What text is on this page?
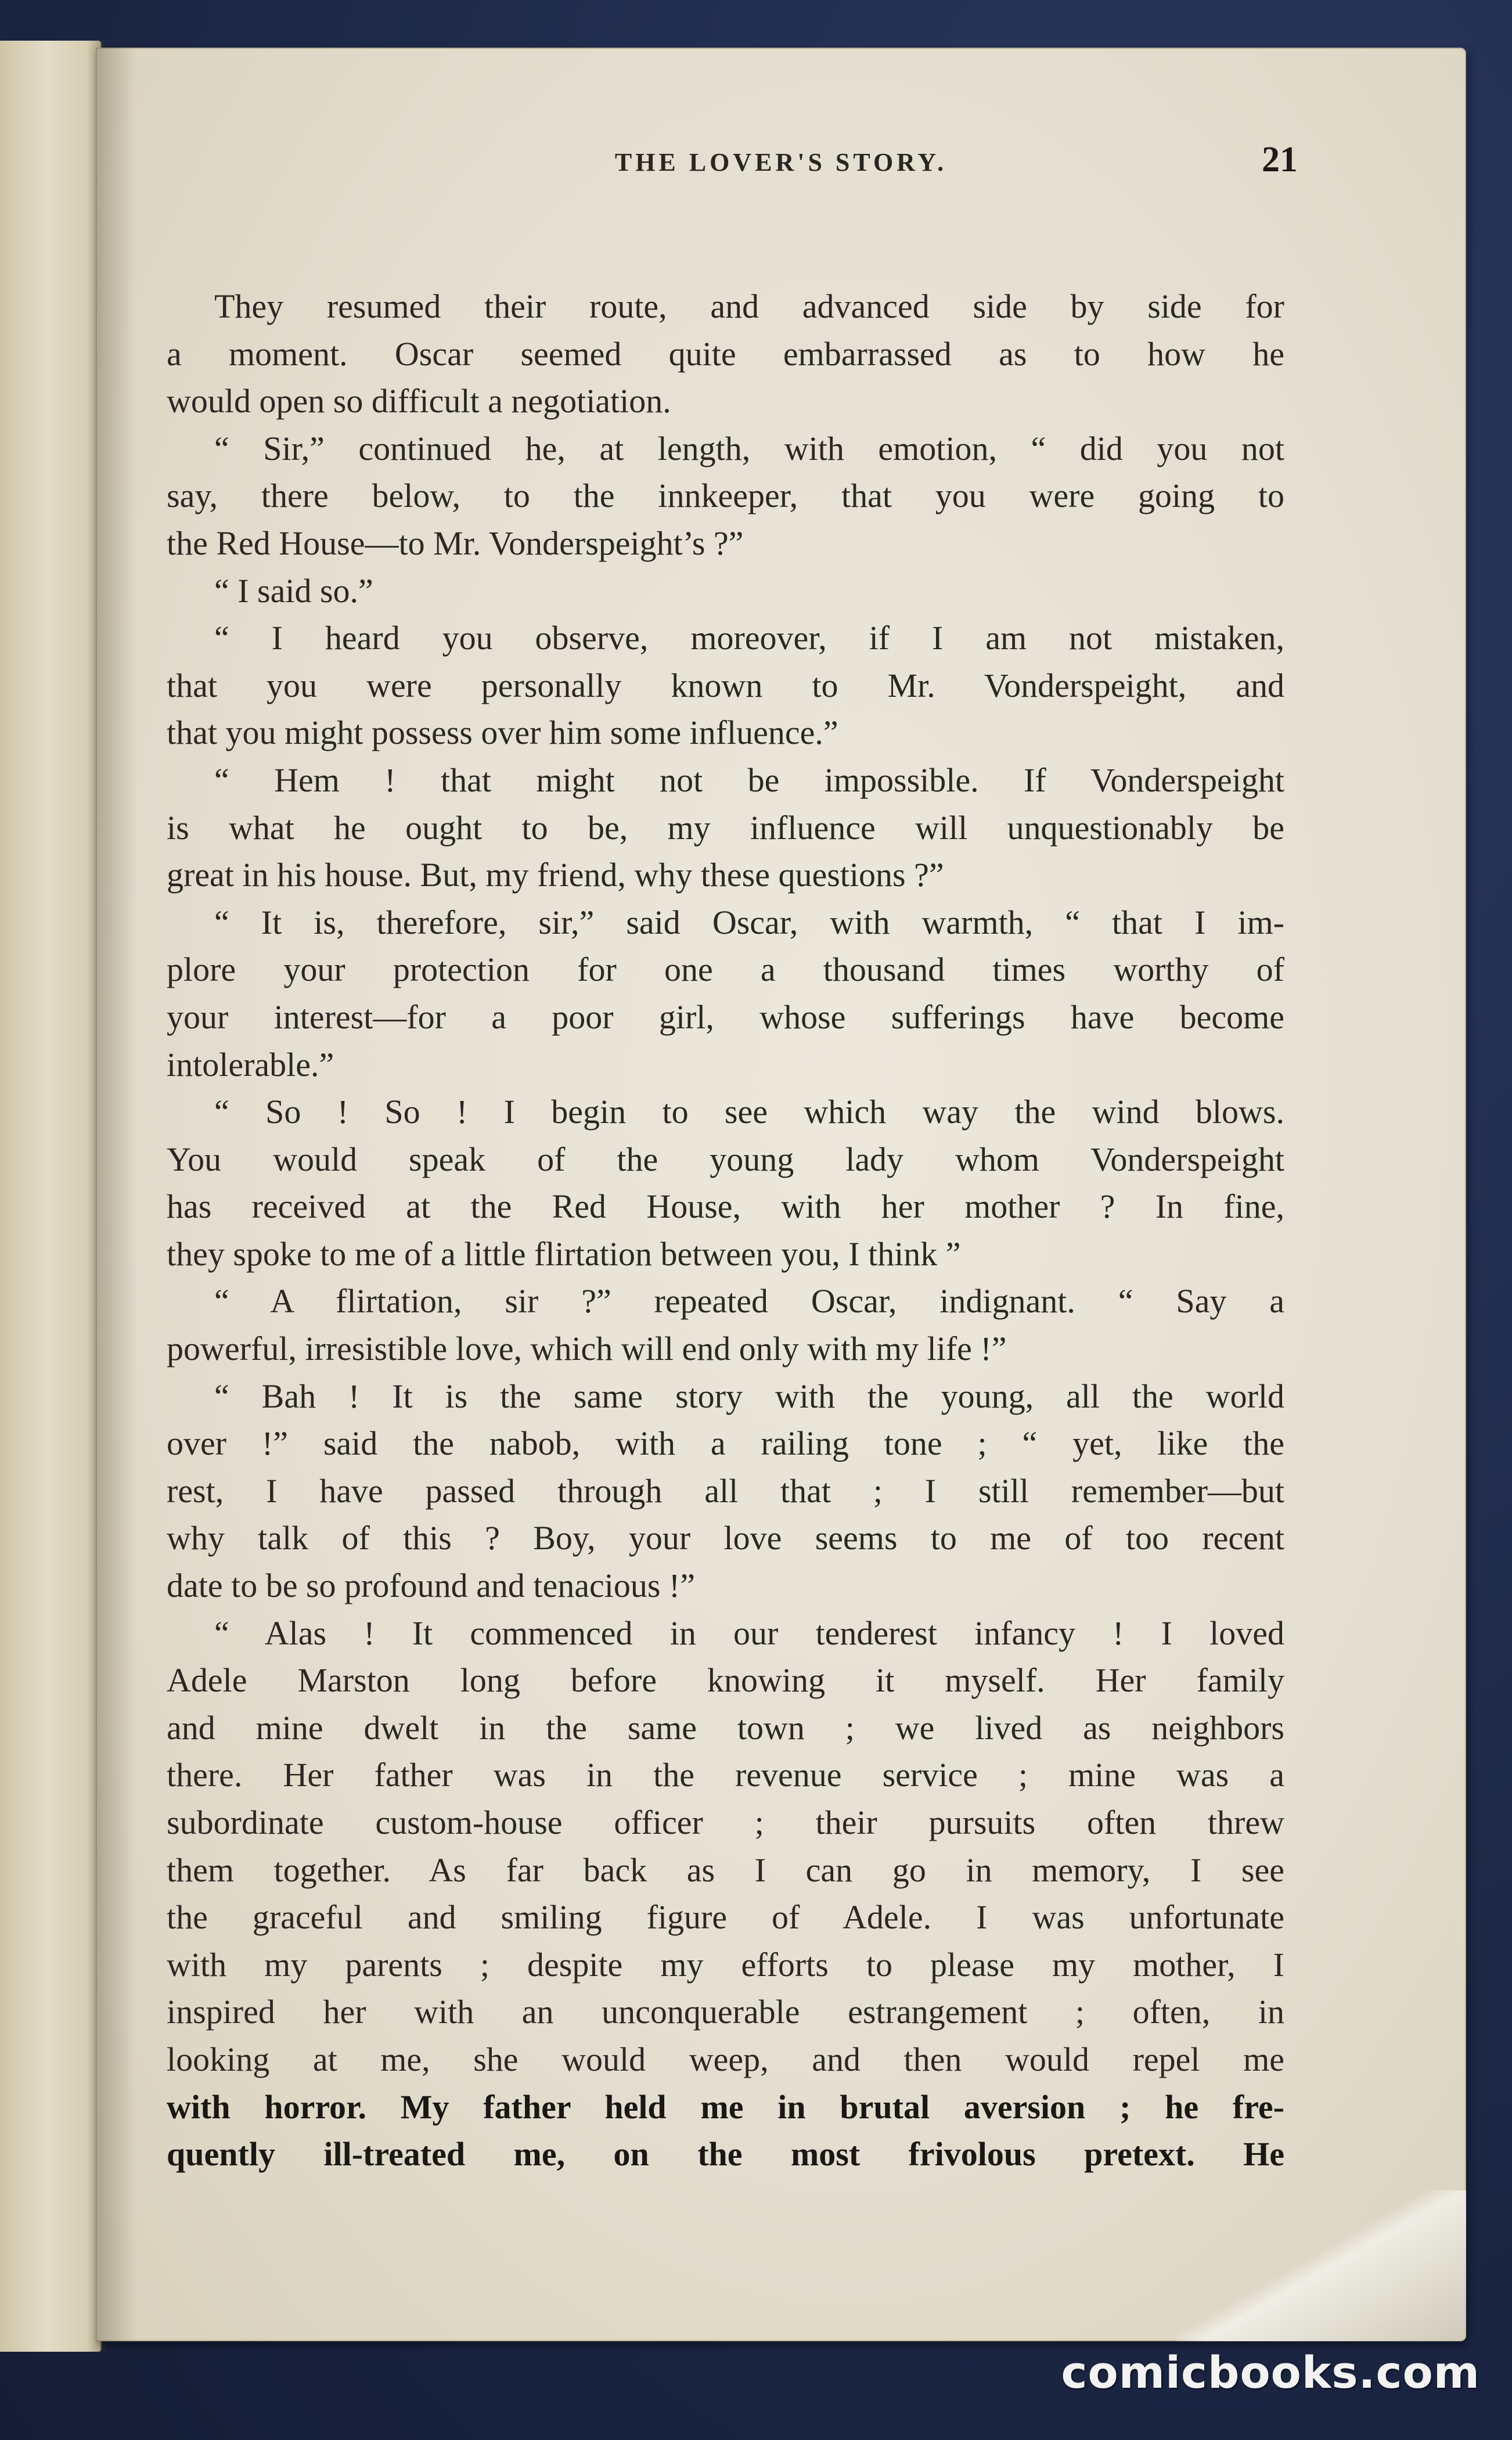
THE LOVER'S STORY.	21
They resumed their route, and advanced side by side for
a moment. Oscar seemed quite embarrassed as to how he
would open so difficult a negotiation.
“ Sir,” continued he, at length, with emotion, “ did you not
say, there below, to the innkeeper, that you were going to
the Red House—to Mr. Vonderspeight’s ?”
“ I said so.”
“ I heard you observe, moreover, if I am not mistaken,
that you were personally known to Mr. Vonderspeight, and
that you might possess over him some influence.”
“ Hem ! that might not be impossible. If Vonderspeight
is what he ought to be, my influence will unquestionably be
great in his house. But, my friend, why these questions ?”
“ It is, therefore, sir,” said Oscar, with warmth, “ that I im-
plore your protection for one a thousand times worthy of
your interest—for a poor girl, whose sufferings have become
intolerable.”
“ So ! So ! I begin to see which way the wind blows.
You would speak of the young lady whom Vonderspeight
has received at the Red House, with her mother ? In fine,
they spoke to me of a little flirtation between you, I think ”
“ A flirtation, sir ?” repeated Oscar, indignant. “ Say a
powerful, irresistible love, which will end only with my life !”
“ Bah ! It is the same story with the young, all the world
over !” said the nabob, with a railing tone ; “ yet, like the
rest, I have passed through all that ; I still remember—but
why talk of this ? Boy, your love seems to me of too recent
date to be so profound and tenacious !”
“ Alas ! It commenced in our tenderest infancy ! I loved
Adele Marston long before knowing it myself. Her family
and mine dwelt in the same town ; we lived as neighbors
there. Her father was in the revenue service ; mine was a
subordinate custom-house officer ; their pursuits often threw
them together. As far back as I can go in memory, I see
the graceful and smiling figure of Adele. I was unfortunate
with my parents ; despite my efforts to please my mother, I
inspired her with an unconquerable estrangement ; often, in
looking at me, she would weep, and then would repel me
with horror. My father held me in brutal aversion ; he fre-
quently ill-treated me, on the most frivolous pretext. He
comicbooks.com
